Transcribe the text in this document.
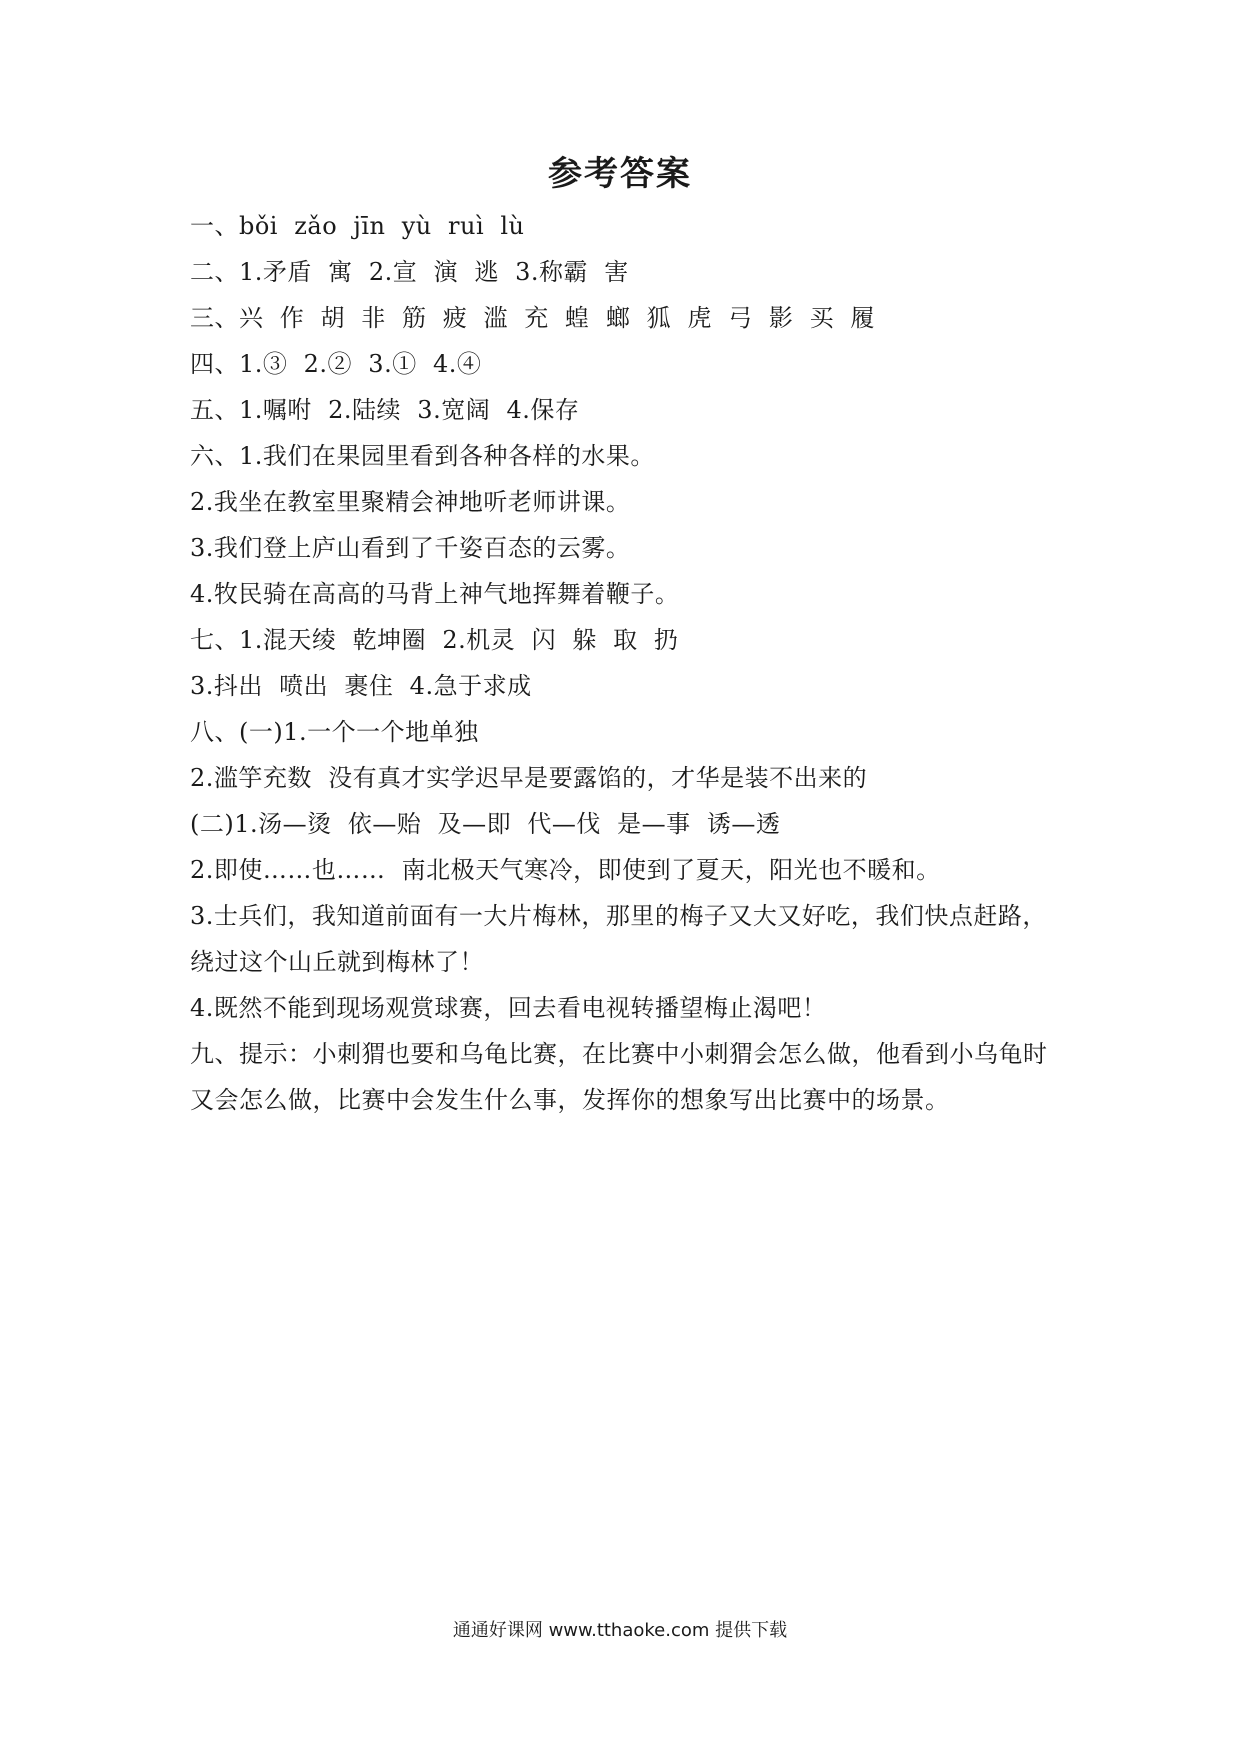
参考答案
一、bǒi  zǎo  jīn  yù  ruì  lù
二、1.矛盾  寓  2.宣  演  逃  3.称霸  害
三、兴  作  胡  非  筋  疲  滥  充  蝗  螂  狐  虎  弓  影  买  履
四、1.③  2.②  3.①  4.④
五、1.嘱咐  2.陆续  3.宽阔  4.保存
六、1.我们在果园里看到各种各样的水果。
2.我坐在教室里聚精会神地听老师讲课。
3.我们登上庐山看到了千姿百态的云雾。
4.牧民骑在高高的马背上神气地挥舞着鞭子。
七、1.混天绫  乾坤圈  2.机灵  闪  躲  取  扔
3.抖出  喷出  裹住  4.急于求成
八、(一)1.一个一个地单独
2.滥竽充数  没有真才实学迟早是要露馅的，才华是装不出来的
(二)1.汤—烫  依—贻  及—即  代—伐  是—事  诱—透
2.即使……也……  南北极天气寒冷，即使到了夏天，阳光也不暖和。
3.士兵们，我知道前面有一大片梅林，那里的梅子又大又好吃，我们快点赶路，
绕过这个山丘就到梅林了！
4.既然不能到现场观赏球赛，回去看电视转播望梅止渴吧！
九、提示：小刺猬也要和乌龟比赛，在比赛中小刺猬会怎么做，他看到小乌龟时
又会怎么做，比赛中会发生什么事，发挥你的想象写出比赛中的场景。
通通好课网 www.tthaoke.com 提供下载
